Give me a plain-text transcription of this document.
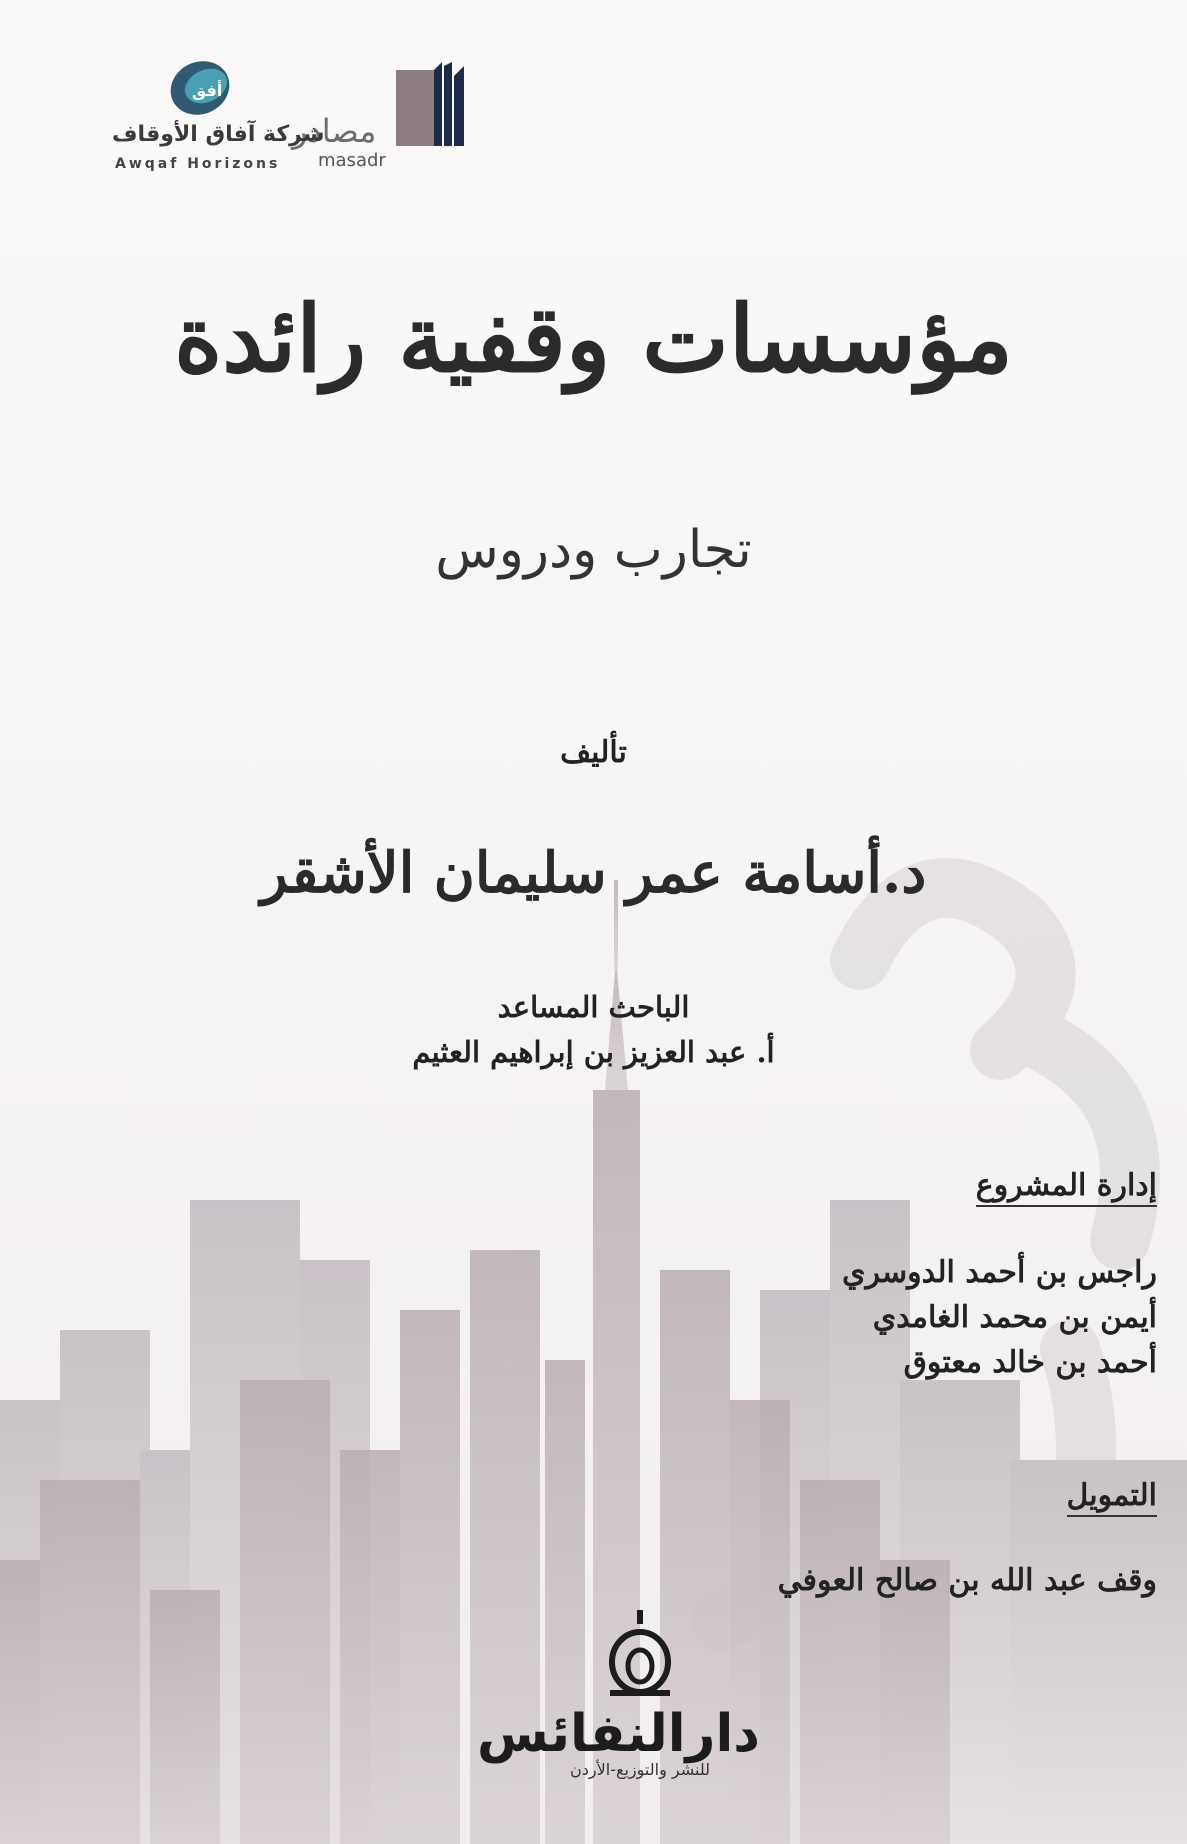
مصادر
masadr
أفق
شركة آفاق الأوقاف
Awqaf Horizons
مؤسسات وقفية رائدة
تجارب ودروس
تأليف
د.أسامة عمر سليمان الأشقر
الباحث المساعد
أ. عبد العزيز بن إبراهيم العثيم
إدارة المشروع
راجس بن أحمد الدوسري
أيمن بن محمد الغامدي
أحمد بن خالد معتوق
التمويل
وقف عبد الله بن صالح العوفي
دارالنفائس
للنشر والتوزيع-الأردن
